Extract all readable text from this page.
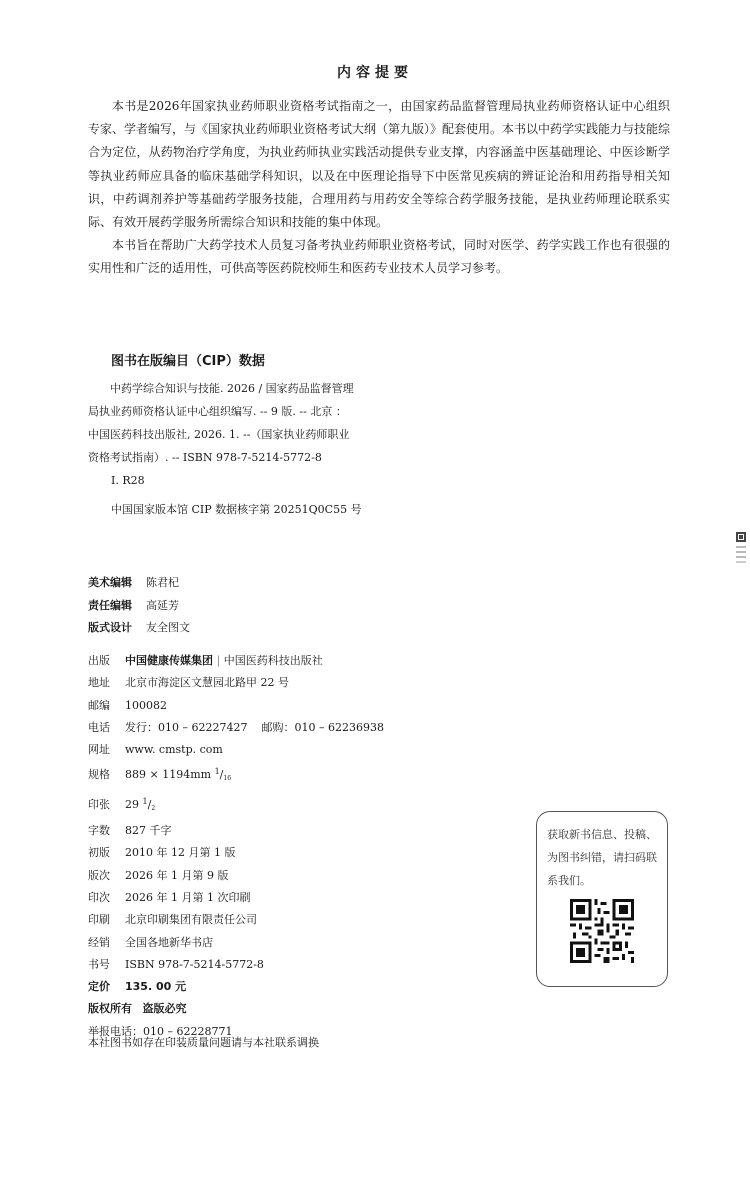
内容提要

本书是2026年国家执业药师职业资格考试指南之一，由国家药品监督管理局执业药师资格认证中心组织专家、学者编写，与《国家执业药师职业资格考试大纲（第九版）》配套使用。本书以中药学实践能力与技能综合为定位，从药物治疗学角度，为执业药师执业实践活动提供专业支撑，内容涵盖中医基础理论、中医诊断学等执业药师应具备的临床基础学科知识，以及在中医理论指导下中医常见疾病的辨证论治和用药指导相关知识，中药调剂养护等基础药学服务技能，合理用药与用药安全等综合药学服务技能，是执业药师理论联系实际、有效开展药学服务所需综合知识和技能的集中体现。

本书旨在帮助广大药学技术人员复习备考执业药师职业资格考试，同时对医学、药学实践工作也有很强的实用性和广泛的适用性，可供高等医药院校师生和医药专业技术人员学习参考。

图书在版编目（CIP）数据
中药学综合知识与技能. 2026 / 国家药品监督管理
局执业药师资格认证中心组织编写. -- 9 版. -- 北京 ：
中国医药科技出版社, 2026. 1. --（国家执业药师职业
资格考试指南）. -- ISBN 978-7-5214-5772-8
Ⅰ. R28
中国国家版本馆 CIP 数据核字第 20251Q0C55 号
美术编辑 陈君杞
责任编辑 高延芳
版式设计 友全图文
出版 中国健康传媒集团 | 中国医药科技出版社
地址 北京市海淀区文慧园北路甲 22 号
邮编 100082
电话 发行：010 – 62227427    邮购：010 – 62236938
网址 www. cmstp. com
规格 889 × 1194mm $^1/_{16}$
印张 29 $^1/_2$
字数 827 千字
初版 2010 年 12 月第 1 版
版次 2026 年 1 月第 9 版
印次 2026 年 1 月第 1 次印刷
印刷 北京印刷集团有限责任公司
经销 全国各地新华书店
书号 ISBN 978-7-5214-5772-8
定价 135. 00 元
版权所有 盗版必究
举报电话：010 – 62228771
本社图书如存在印装质量问题请与本社联系调换
获取新书信息、投稿、为图书纠错，请扫码联系我们。
